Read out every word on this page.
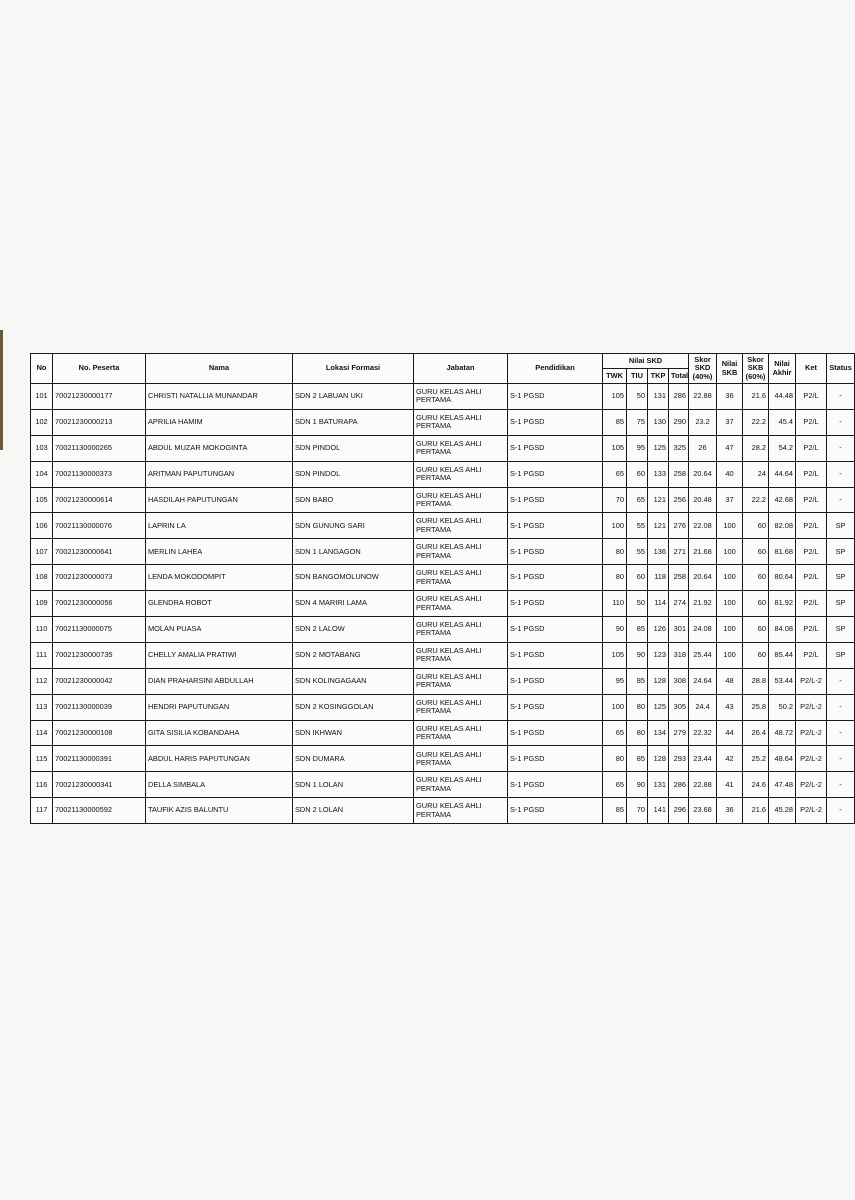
No	No. Peserta	Nama	Lokasi Formasi	Jabatan	Pendidikan	Nilai SKD				Skor SKD (40%)	Nilai SKB	Skor SKB (60%)	Nilai Akhir	Ket	Status
						TWK	TIU	TKP	Total						
101	70021230000177	CHRISTI NATALLIA MUNANDAR	SDN 2 LABUAN UKI	GURU KELAS AHLI PERTAMA	S-1 PGSD	105	50	131	286	22.88	36	21.6	44.48	P2/L	-
102	70021230000213	APRILIA HAMIM	SDN 1 BATURAPA	GURU KELAS AHLI PERTAMA	S-1 PGSD	85	75	130	290	23.2	37	22.2	45.4	P2/L	-
103	70021130000265	ABDUL MUZAR MOKOGINTA	SDN PINDOL	GURU KELAS AHLI PERTAMA	S-1 PGSD	105	95	125	325	26	47	28.2	54.2	P2/L	-
104	70021130000373	ARITMAN PAPUTUNGAN	SDN PINDOL	GURU KELAS AHLI PERTAMA	S-1 PGSD	65	60	133	258	20.64	40	24	44.64	P2/L	-
105	70021230000614	HASDILAH PAPUTUNGAN	SDN BABO	GURU KELAS AHLI PERTAMA	S-1 PGSD	70	65	121	256	20.48	37	22.2	42.68	P2/L	-
106	70021130000076	LAPRIN LA	SDN GUNUNG SARI	GURU KELAS AHLI PERTAMA	S-1 PGSD	100	55	121	276	22.08	100	60	82.08	P2/L	SP
107	70021230000641	MERLIN LAHEA	SDN 1 LANGAGON	GURU KELAS AHLI PERTAMA	S-1 PGSD	80	55	136	271	21.68	100	60	81.68	P2/L	SP
108	70021230000073	LENDA MOKODOMPIT	SDN BANGOMOLUNOW	GURU KELAS AHLI PERTAMA	S-1 PGSD	80	60	118	258	20.64	100	60	80.64	P2/L	SP
109	70021230000056	GLENDRA ROBOT	SDN 4 MARIRI LAMA	GURU KELAS AHLI PERTAMA	S-1 PGSD	110	50	114	274	21.92	100	60	81.92	P2/L	SP
110	70021130000075	MOLAN PUASA	SDN 2 LALOW	GURU KELAS AHLI PERTAMA	S-1 PGSD	90	85	126	301	24.08	100	60	84.08	P2/L	SP
111	70021230000735	CHELLY AMALIA PRATIWI	SDN 2 MOTABANG	GURU KELAS AHLI PERTAMA	S-1 PGSD	105	90	123	318	25.44	100	60	85.44	P2/L	SP
112	70021230000042	DIAN PRAHARSINI ABDULLAH	SDN KOLINGAGAAN	GURU KELAS AHLI PERTAMA	S-1 PGSD	95	85	128	308	24.64	48	28.8	53.44	P2/L-2	-
113	70021130000039	HENDRI PAPUTUNGAN	SDN 2 KOSINGGOLAN	GURU KELAS AHLI PERTAMA	S-1 PGSD	100	80	125	305	24.4	43	25.8	50.2	P2/L-2	-
114	70021230000108	GITA SISILIA KOBANDAHA	SDN IKHWAN	GURU KELAS AHLI PERTAMA	S-1 PGSD	65	80	134	279	22.32	44	26.4	48.72	P2/L-2	-
115	70021130000391	ABDUL HARIS PAPUTUNGAN	SDN DUMARA	GURU KELAS AHLI PERTAMA	S-1 PGSD	80	85	128	293	23.44	42	25.2	48.64	P2/L-2	-
116	70021230000341	DELLA SIMBALA	SDN 1 LOLAN	GURU KELAS AHLI PERTAMA	S-1 PGSD	65	90	131	286	22.88	41	24.6	47.48	P2/L-2	-
117	70021130000592	TAUFIK AZIS BALUNTU	SDN 2 LOLAN	GURU KELAS AHLI PERTAMA	S-1 PGSD	85	70	141	296	23.68	36	21.6	45.28	P2/L-2	-
